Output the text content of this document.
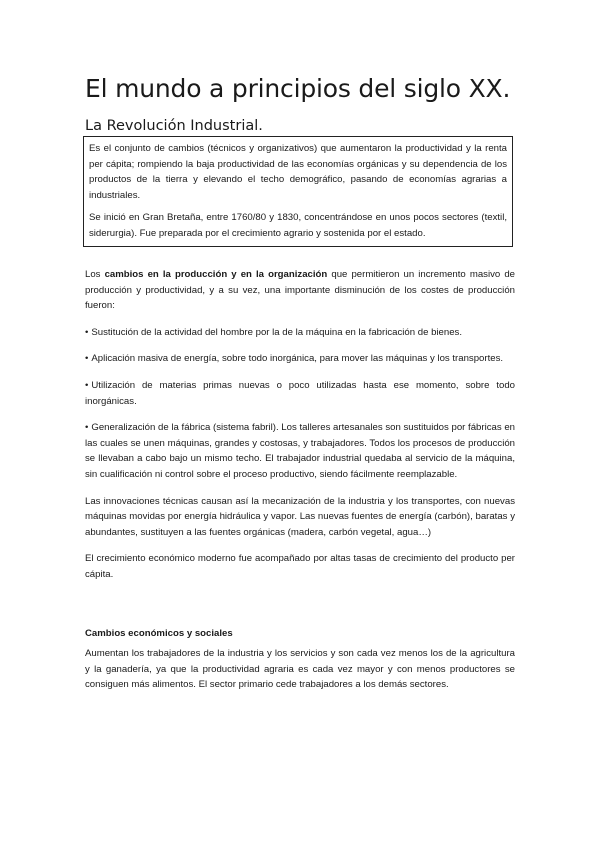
El mundo a principios del siglo XX.
La Revolución Industrial.

Es el conjunto de cambios (técnicos y organizativos) que aumentaron la productividad y la renta per cápita; rompiendo la baja productividad de las economías orgánicas y su dependencia de los productos de la tierra y elevando el techo demográfico, pasando de economías agrarias a industriales.

Se inició en Gran Bretaña, entre 1760/80 y 1830, concentrándose en unos pocos sectores (textil, siderurgia). Fue preparada por el crecimiento agrario y sostenida por el estado.

Los cambios en la producción y en la organización que permitieron un incremento masivo de producción y productividad, y a su vez, una importante disminución de los costes de producción fueron:

• Sustitución de la actividad del hombre por la de la máquina en la fabricación de bienes.

• Aplicación masiva de energía, sobre todo inorgánica, para mover las máquinas y los transportes.

• Utilización de materias primas nuevas o poco utilizadas hasta ese momento, sobre todo inorgánicas.

• Generalización de la fábrica (sistema fabril). Los talleres artesanales son sustituidos por fábricas en las cuales se unen máquinas, grandes y costosas, y trabajadores. Todos los procesos de producción se llevaban a cabo bajo un mismo techo. El trabajador industrial quedaba al servicio de la máquina, sin cualificación ni control sobre el proceso productivo, siendo fácilmente reemplazable.

Las innovaciones técnicas causan así la mecanización de la industria y los transportes, con nuevas máquinas movidas por energía hidráulica y vapor. Las nuevas fuentes de energía (carbón), baratas y abundantes, sustituyen a las fuentes orgánicas (madera, carbón vegetal, agua…)

El crecimiento económico moderno fue acompañado por altas tasas de crecimiento del producto per cápita.

Cambios económicos y sociales

Aumentan los trabajadores de la industria y los servicios y son cada vez menos los de la agricultura y la ganadería, ya que la productividad agraria es cada vez mayor y con menos productores se consiguen más alimentos. El sector primario cede trabajadores a los demás sectores.
